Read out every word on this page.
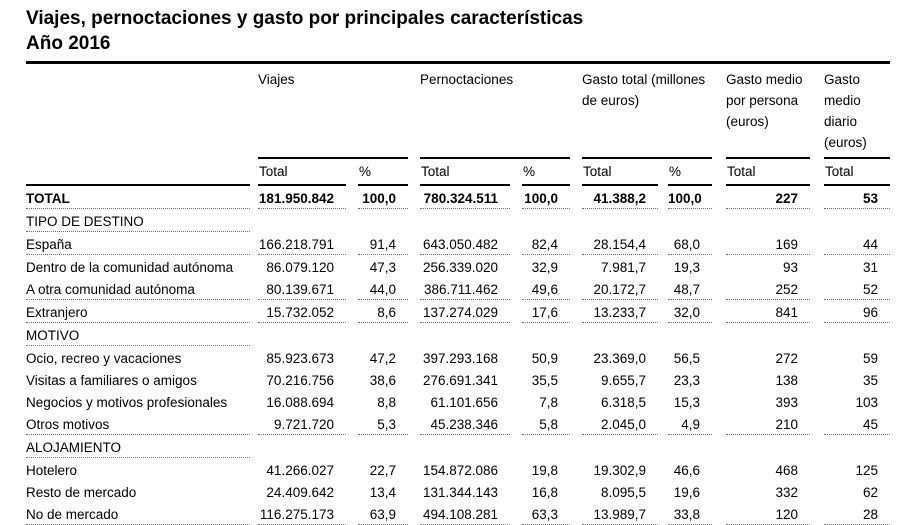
Viajes, pernoctaciones y gasto por principales características
Año 2016
		Viajes				Pernoctaciones				Gasto total (millones de euros)				Gasto medio por persona (euros)		Gasto medio diario (euros)
		Total		%		Total		%		Total		%		Total		Total
TOTAL		181.950.842		100,0		780.324.511		100,0		41.388,2		100,0		227		53
TIPO DE DESTINO																
España		166.218.791		91,4		643.050.482		82,4		28.154,4		68,0		169		44
Dentro de la comunidad autónoma		86.079.120		47,3		256.339.020		32,9		7.981,7		19,3		93		31
A otra comunidad autónoma		80.139.671		44,0		386.711.462		49,6		20.172,7		48,7		252		52
Extranjero		15.732.052		8,6		137.274.029		17,6		13.233,7		32,0		841		96
MOTIVO																
Ocio, recreo y vacaciones		85.923.673		47,2		397.293.168		50,9		23.369,0		56,5		272		59
Visitas a familiares o amigos		70.216.756		38,6		276.691.341		35,5		9.655,7		23,3		138		35
Negocios y motivos profesionales		16.088.694		8,8		61.101.656		7,8		6.318,5		15,3		393		103
Otros motivos		9.721.720		5,3		45.238.346		5,8		2.045,0		4,9		210		45
ALOJAMIENTO																
Hotelero		41.266.027		22,7		154.872.086		19,8		19.302,9		46,6		468		125
Resto de mercado		24.409.642		13,4		131.344.143		16,8		8.095,5		19,6		332		62
No de mercado		116.275.173		63,9		494.108.281		63,3		13.989,7		33,8		120		28
